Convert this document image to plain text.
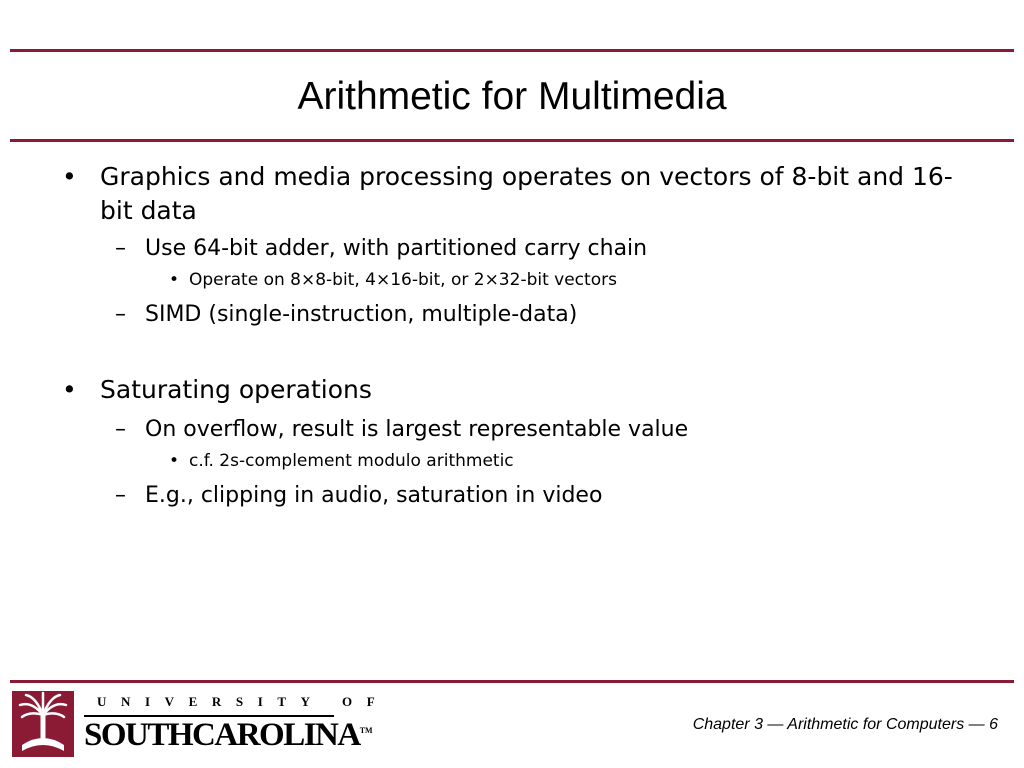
Arithmetic for Multimedia

• Graphics and media processing operates on vectors of 8-bit and 16-bit data

– Use 64-bit adder, with partitioned carry chain

• Operate on 8×8-bit, 4×16-bit, or 2×32-bit vectors

– SIMD (single-instruction, multiple-data)

• Saturating operations

– On overflow, result is largest representable value

• c.f. 2s-complement modulo arithmetic

– E.g., clipping in audio, saturation in video

UNIVERSITY OF
SOUTHCAROLINA™	Chapter 3 — Arithmetic for Computers — 6
